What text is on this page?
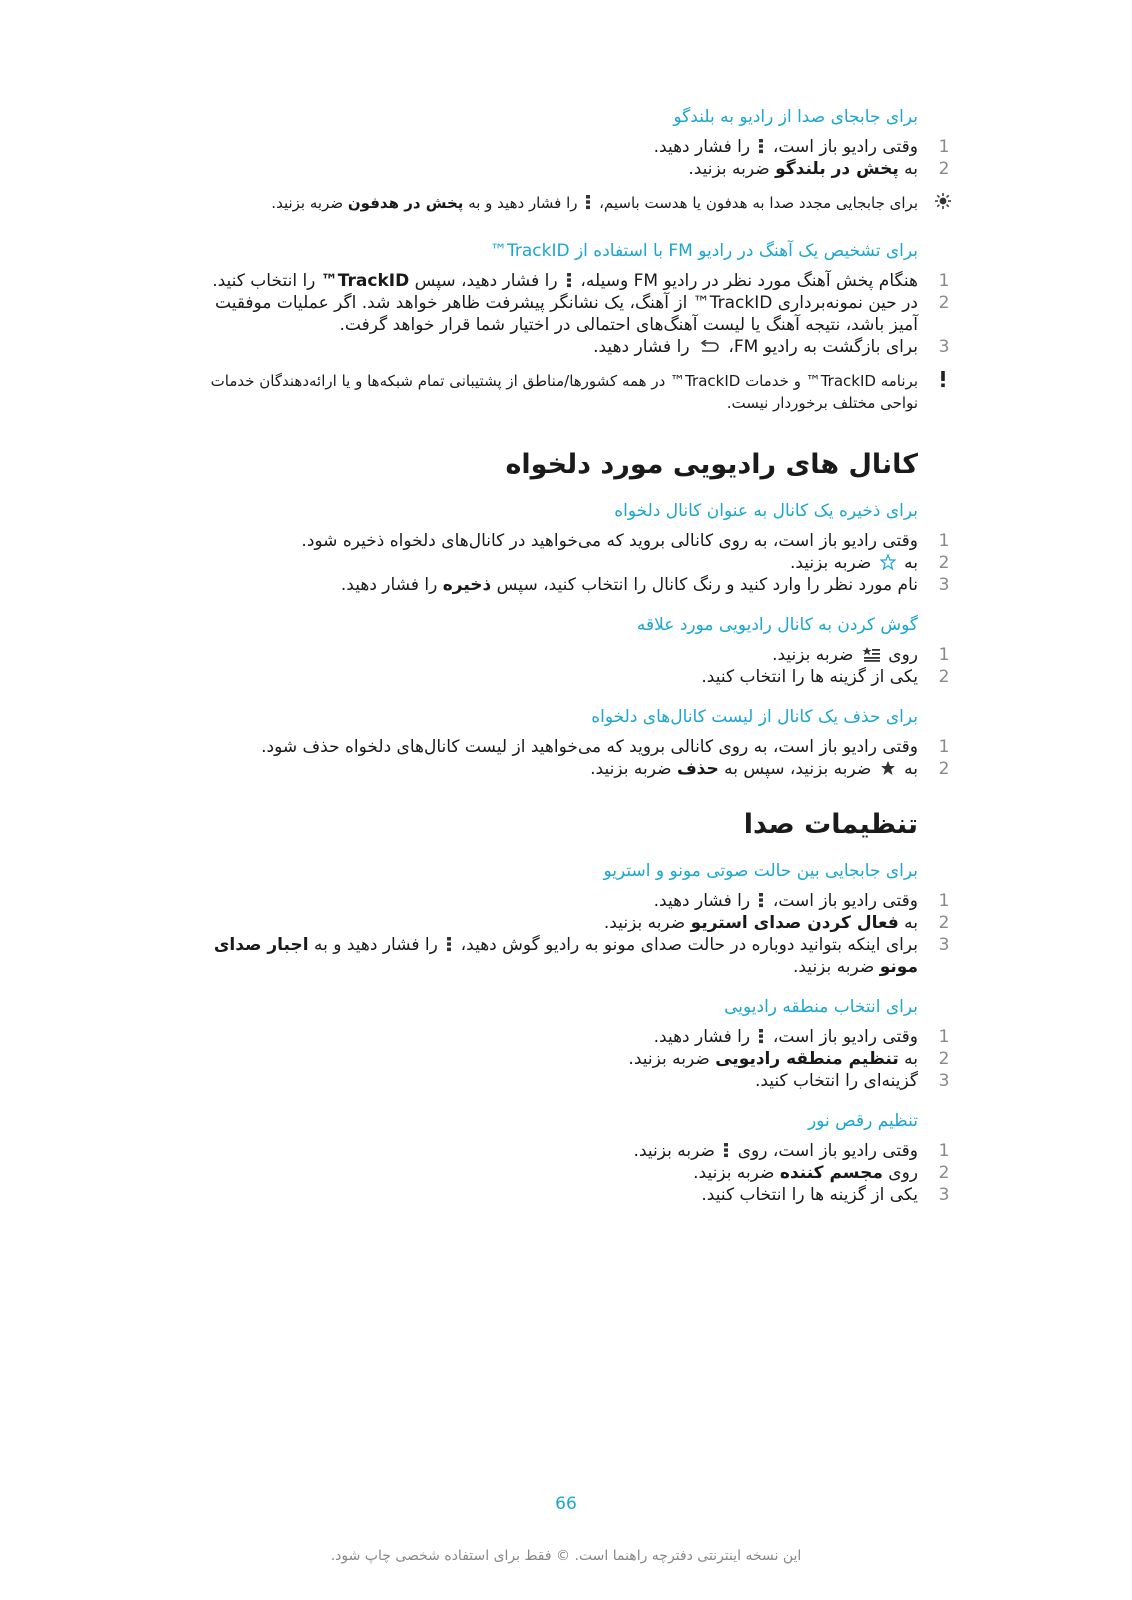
برای جابجای صدا از رادیو به بلندگو
1
وقتی رادیو باز است،  را فشار دهید.
2
به پخش در بلندگو ضربه بزنید.
برای جابجایی مجدد صدا به هدفون یا هدست باسیم،  را فشار دهید و به پخش در هدفون ضربه بزنید.
برای تشخیص یک آهنگ در رادیو FM با استفاده از TrackID™
1
هنگام پخش آهنگ مورد نظر در رادیو FM وسیله،  را فشار دهید، سپس TrackID™ را انتخاب کنید.
2
در حین نمونه‌برداری TrackID™ از آهنگ، یک نشانگر پیشرفت ظاهر خواهد شد. اگر عملیات موفقیت آمیز باشد، نتیجه آهنگ یا لیست آهنگ‌های احتمالی در اختیار شما قرار خواهد گرفت.
3
برای بازگشت به رادیو FM،  را فشار دهید.
برنامه TrackID™ و خدمات TrackID™ در همه کشورها/مناطق از پشتیبانی تمام شبکه‌ها و یا ارائه‌دهندگان خدمات نواحی مختلف برخوردار نیست.
کانال های رادیویی مورد دلخواه
برای ذخیره یک کانال به عنوان کانال دلخواه
1
وقتی رادیو باز است، به روی کانالی بروید که می‌خواهید در کانال‌های دلخواه ذخیره شود.
2
به  ضربه بزنید.
3
نام مورد نظر را وارد کنید و رنگ کانال را انتخاب کنید، سپس ذخیره را فشار دهید.
گوش کردن به کانال رادیویی مورد علاقه
1
روی  ضربه بزنید.
2
یکی از گزینه ها را انتخاب کنید.
برای حذف یک کانال از لیست کانال‌های دلخواه
1
وقتی رادیو باز است، به روی کانالی بروید که می‌خواهید از لیست کانال‌های دلخواه حذف شود.
2
به  ضربه بزنید، سپس به حذف ضربه بزنید.
تنظیمات صدا
برای جابجایی بین حالت صوتی مونو و استریو
1
وقتی رادیو باز است،  را فشار دهید.
2
به فعال کردن صدای استریو ضربه بزنید.
3
برای اینکه بتوانید دوباره در حالت صدای مونو به رادیو گوش دهید،  را فشار دهید و به اجبار صدای مونو ضربه بزنید.
برای انتخاب منطقه رادیویی
1
وقتی رادیو باز است،  را فشار دهید.
2
به تنظیم منطقه رادیویی ضربه بزنید.
3
گزینه‌ای را انتخاب کنید.
تنظیم رقص نور
1
وقتی رادیو باز است، روی  ضربه بزنید.
2
روی مجسم کننده ضربه بزنید.
3
یکی از گزینه ها را انتخاب کنید.
66
این نسخه اینترنتی دفترچه راهنما است. © فقط برای استفاده شخصی چاپ شود.
